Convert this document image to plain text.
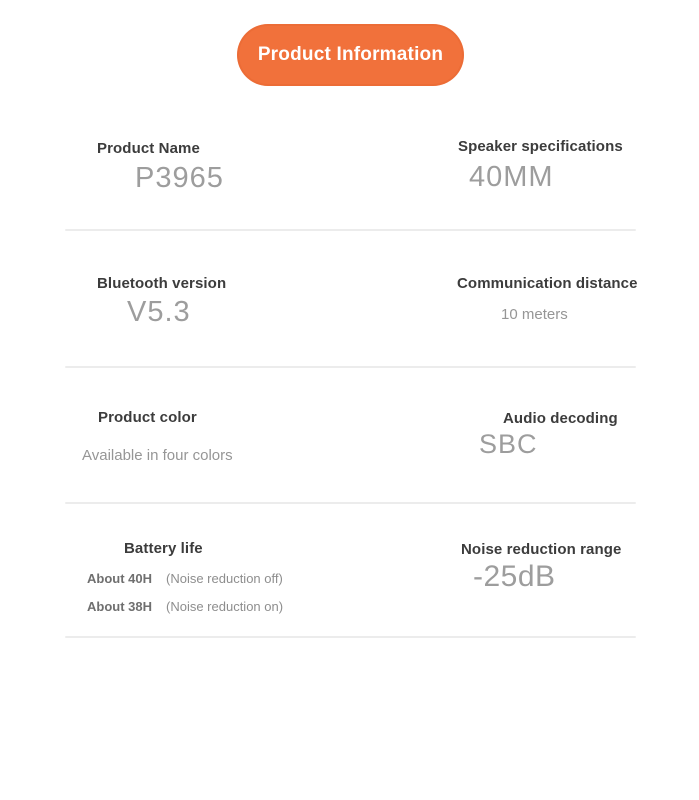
Product Information
Product Name
P3965
Speaker specifications
40MM
Bluetooth version
V5.3
Communication distance
10 meters
Product color
Available in four colors
Audio decoding
SBC
Battery life
About 40H (Noise reduction off)
About 38H (Noise reduction on)
Noise reduction range
-25dB
